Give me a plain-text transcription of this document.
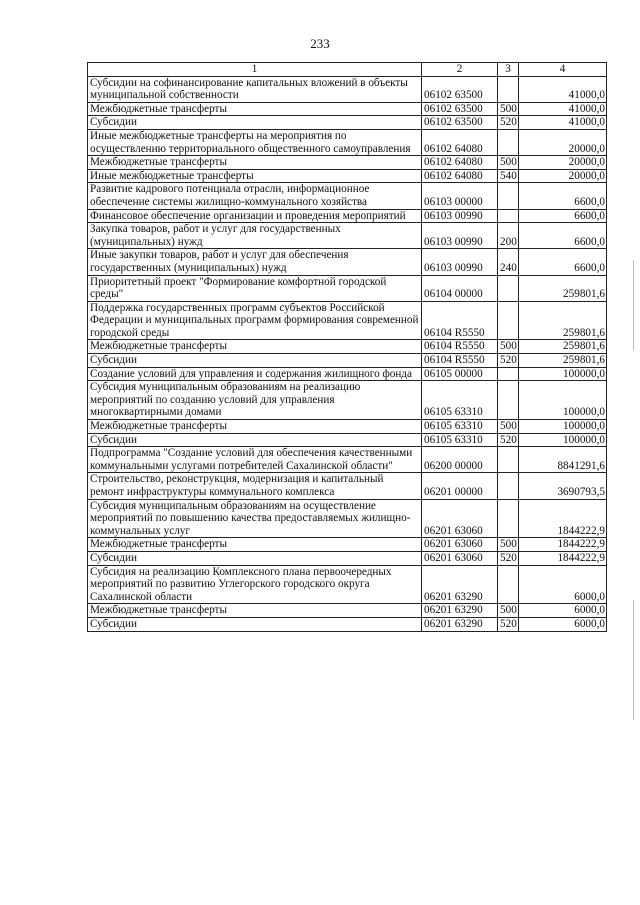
233
1	2	3	4
Субсидии на софинансирование капитальных вложений в объекты муниципальной собственности	06102 63500		41000,0
Межбюджетные трансферты	06102 63500	500	41000,0
Субсидии	06102 63500	520	41000,0
Иные межбюджетные трансферты на мероприятия по осуществлению территориального общественного самоуправления	06102 64080		20000,0
Межбюджетные трансферты	06102 64080	500	20000,0
Иные межбюджетные трансферты	06102 64080	540	20000,0
Развитие кадрового потенциала отрасли, информационное обеспечение системы жилищно-коммунального хозяйства	06103 00000		6600,0
Финансовое обеспечение организации и проведения мероприятий	06103 00990		6600,0
Закупка товаров, работ и услуг для государственных (муниципальных) нужд	06103 00990	200	6600,0
Иные закупки товаров, работ и услуг для обеспечения государственных (муниципальных) нужд	06103 00990	240	6600,0
Приоритетный проект "Формирование комфортной городской среды"	06104 00000		259801,6
Поддержка государственных программ субъектов Российской Федерации и муниципальных программ формирования современной городской среды	06104 R5550		259801,6
Межбюджетные трансферты	06104 R5550	500	259801,6
Субсидии	06104 R5550	520	259801,6
Создание условий для управления и содержания жилищного фонда	06105 00000		100000,0
Субсидия муниципальным образованиям на реализацию мероприятий по созданию условий для управления многоквартирными домами	06105 63310		100000,0
Межбюджетные трансферты	06105 63310	500	100000,0
Субсидии	06105 63310	520	100000,0
Подпрограмма "Создание условий для обеспечения качественными коммунальными услугами потребителей Сахалинской области"	06200 00000		8841291,6
Строительство, реконструкция, модернизация и капитальный ремонт инфраструктуры коммунального комплекса	06201 00000		3690793,5
Субсидия муниципальным образованиям на осуществление мероприятий по повышению качества предоставляемых жилищно-коммунальных услуг	06201 63060		1844222,9
Межбюджетные трансферты	06201 63060	500	1844222,9
Субсидии	06201 63060	520	1844222,9
Субсидия на реализацию Комплексного плана первоочередных мероприятий по развитию Углегорского городского округа Сахалинской области	06201 63290		6000,0
Межбюджетные трансферты	06201 63290	500	6000,0
Субсидии	06201 63290	520	6000,0
